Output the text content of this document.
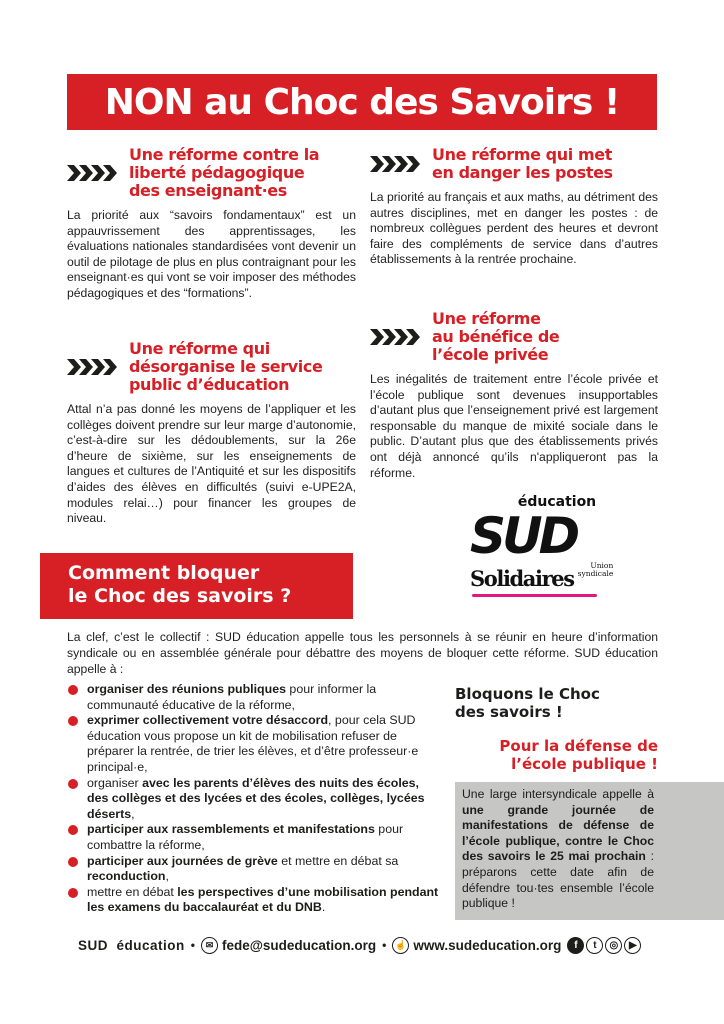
NON au Choc des Savoirs !
Une réforme contre la
liberté pédagogique
des enseignant·es

La priorité aux “savoirs fondamentaux” est un appauvrissement des apprentissages, les évaluations nationales standardisées vont devenir un outil de pilotage de plus en plus contraignant pour les enseignant·es qui vont se voir imposer des méthodes pédagogiques et des “formations”.

Une réforme qui met
en danger les postes

La priorité au français et aux maths, au détriment des autres disciplines, met en danger les postes : de nombreux collègues perdent des heures et devront faire des compléments de service dans d’autres établissements à la rentrée prochaine.

Une réforme qui
désorganise le service
public d’éducation

Attal n’a pas donné les moyens de l’appliquer et les collèges doivent prendre sur leur marge d’autonomie, c’est-à-dire sur les dédoublements, sur la 26e d’heure de sixième, sur les enseignements de langues et cultures de l’Antiquité et sur les dispositifs d’aides des élèves en difficultés (suivi e-UPE2A, modules relai…) pour financer les groupes de niveau.

Une réforme
au bénéfice de
l’école privée

Les inégalités de traitement entre l’école privée et l’école publique sont devenues insupportables d’autant plus que l’enseignement privé est largement responsable du manque de mixité sociale dans le public. D’autant plus que des établissements privés ont déjà annoncé qu’ils n'appliqueront pas la réforme.

éducation
SUD
Solidaires
Union
syndicale
Comment bloquer
le Choc des savoirs ?

La clef, c’est le collectif : SUD éducation appelle tous les personnels à se réunir en heure d’information syndicale ou en assemblée générale pour débattre des moyens de bloquer cette réforme. SUD éducation appelle à :

organiser des réunions publiques pour informer la communauté éducative de la réforme,
exprimer collectivement votre désaccord, pour cela SUD éducation vous propose un kit de mobilisation refuser de préparer la rentrée, de trier les élèves, et d’être professeur·e principal·e,
organiser avec les parents d’élèves des nuits des écoles, des collèges et des lycées et des écoles, collèges, lycées déserts,
participer aux rassemblements et manifestations pour combattre la réforme,
participer aux journées de grève et mettre en débat sa reconduction,
mettre en débat les perspectives d’une mobilisation pendant les examens du baccalauréat et du DNB.
Bloquons le Choc
des savoirs !
Pour la défense de
l’école publique !
Une large intersyndicale appelle à une grande journée de manifestations de défense de l’école publique, contre le Choc des savoirs le 25 mai prochain : préparons cette date afin de défendre tou·tes ensemble l’école publique !
SUD  éducation •	✉ fede@sudeducation.org • ☝ www.sudeducation.org	f	t	◎	▶
